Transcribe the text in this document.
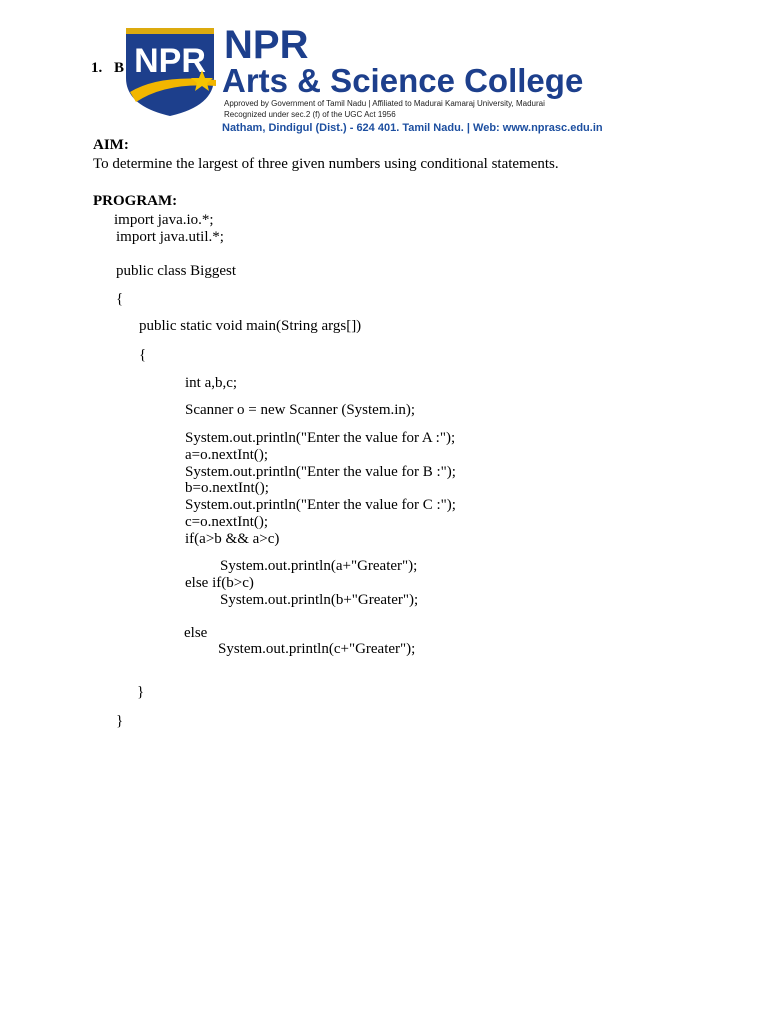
1. B NPR NPR
Arts & Science College
Approved by Government of Tamil Nadu | Affiliated to Madurai Kamaraj University, Madurai
Recognized under sec.2 (f) of the UGC Act 1956
Natham, Dindigul (Dist.) - 624 401. Tamil Nadu. | Web: www.nprasc.edu.in
AIM:
To determine the largest of three given numbers using conditional statements.
PROGRAM:
import java.io.*;
import java.util.*;
public class Biggest
{
public static void main(String args[])
{
int a,b,c;
Scanner o = new Scanner (System.in);
System.out.println("Enter the value for A :");
a=o.nextInt();
System.out.println("Enter the value for B :");
b=o.nextInt();
System.out.println("Enter the value for C :");
c=o.nextInt();
if(a>b && a>c)
System.out.println(a+"Greater");
else if(b>c)
System.out.println(b+"Greater");
else
System.out.println(c+"Greater");
}
}
